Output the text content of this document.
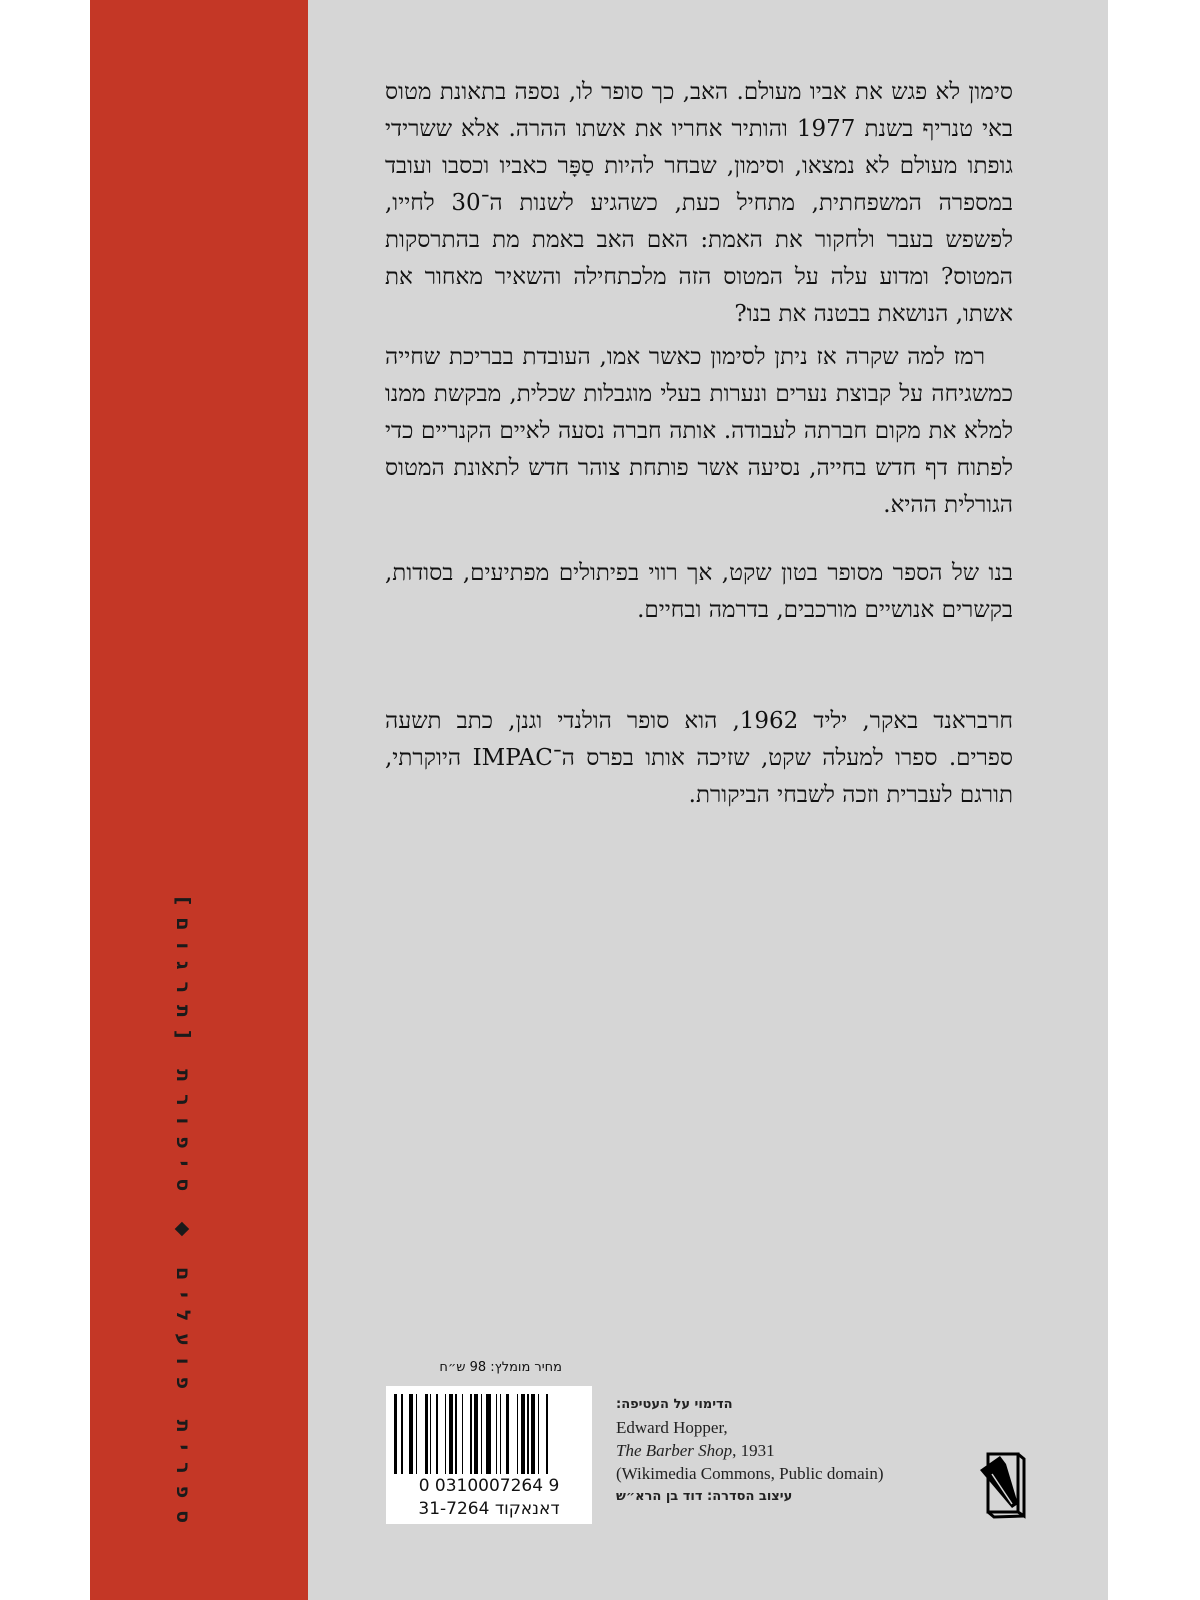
ספרית פועלים ◆ סיפורת [תרגום]

סימון לא פגש את אביו מעולם. האב, כך סופר לו, נספה בתאונת מטוס באי טנריף בשנת 1977 והותיר אחריו את אשתו ההרה. אלא ששרידי גופתו מעולם לא נמצאו, וסימון, שבחר להיות סַפָּר כאביו וכסבו ועובד במספרה המשפחתית, מתחיל כעת, כשהגיע לשנות ה־30 לחייו, לפשפש בעבר ולחקור את האמת: האם האב באמת מת בהתרסקות המטוס? ומדוע עלה על המטוס הזה מלכתחילה והשאיר מאחור את אשתו, הנושאת בבטנה את בנו?

רמז למה שקרה אז ניתן לסימון כאשר אמו, העובדת בבריכת שחייה כמשגיחה על קבוצת נערים ונערות בעלי מוגבלות שכלית, מבקשת ממנו למלא את מקום חברתה לעבודה. אותה חברה נסעה לאיים הקנריים כדי לפתוח דף חדש בחייה, נסיעה אשר פותחת צוהר חדש לתאונת המטוס הגורלית ההיא.

בנו של הספר מסופר בטון שקט, אך רווי בפיתולים מפתיעים, בסודות, בקשרים אנושיים מורכבים, בדרמה ובחיים.

חרבראנד באקר, יליד 1962, הוא סופר הולנדי וגנן, כתב תשעה ספרים. ספרו למעלה שקט, שזיכה אותו בפרס ה־IMPAC היוקרתי, תורגם לעברית וזכה לשבחי הביקורת.

מחיר מומלץ: 98 ש״ח
0 0310007264 9
31-7264 דאנאקוד
הדימוי על העטיפה:
Edward Hopper,
The Barber Shop, 1931
(Wikimedia Commons, Public domain)
עיצוב הסדרה: דוד בן הרא״ש
